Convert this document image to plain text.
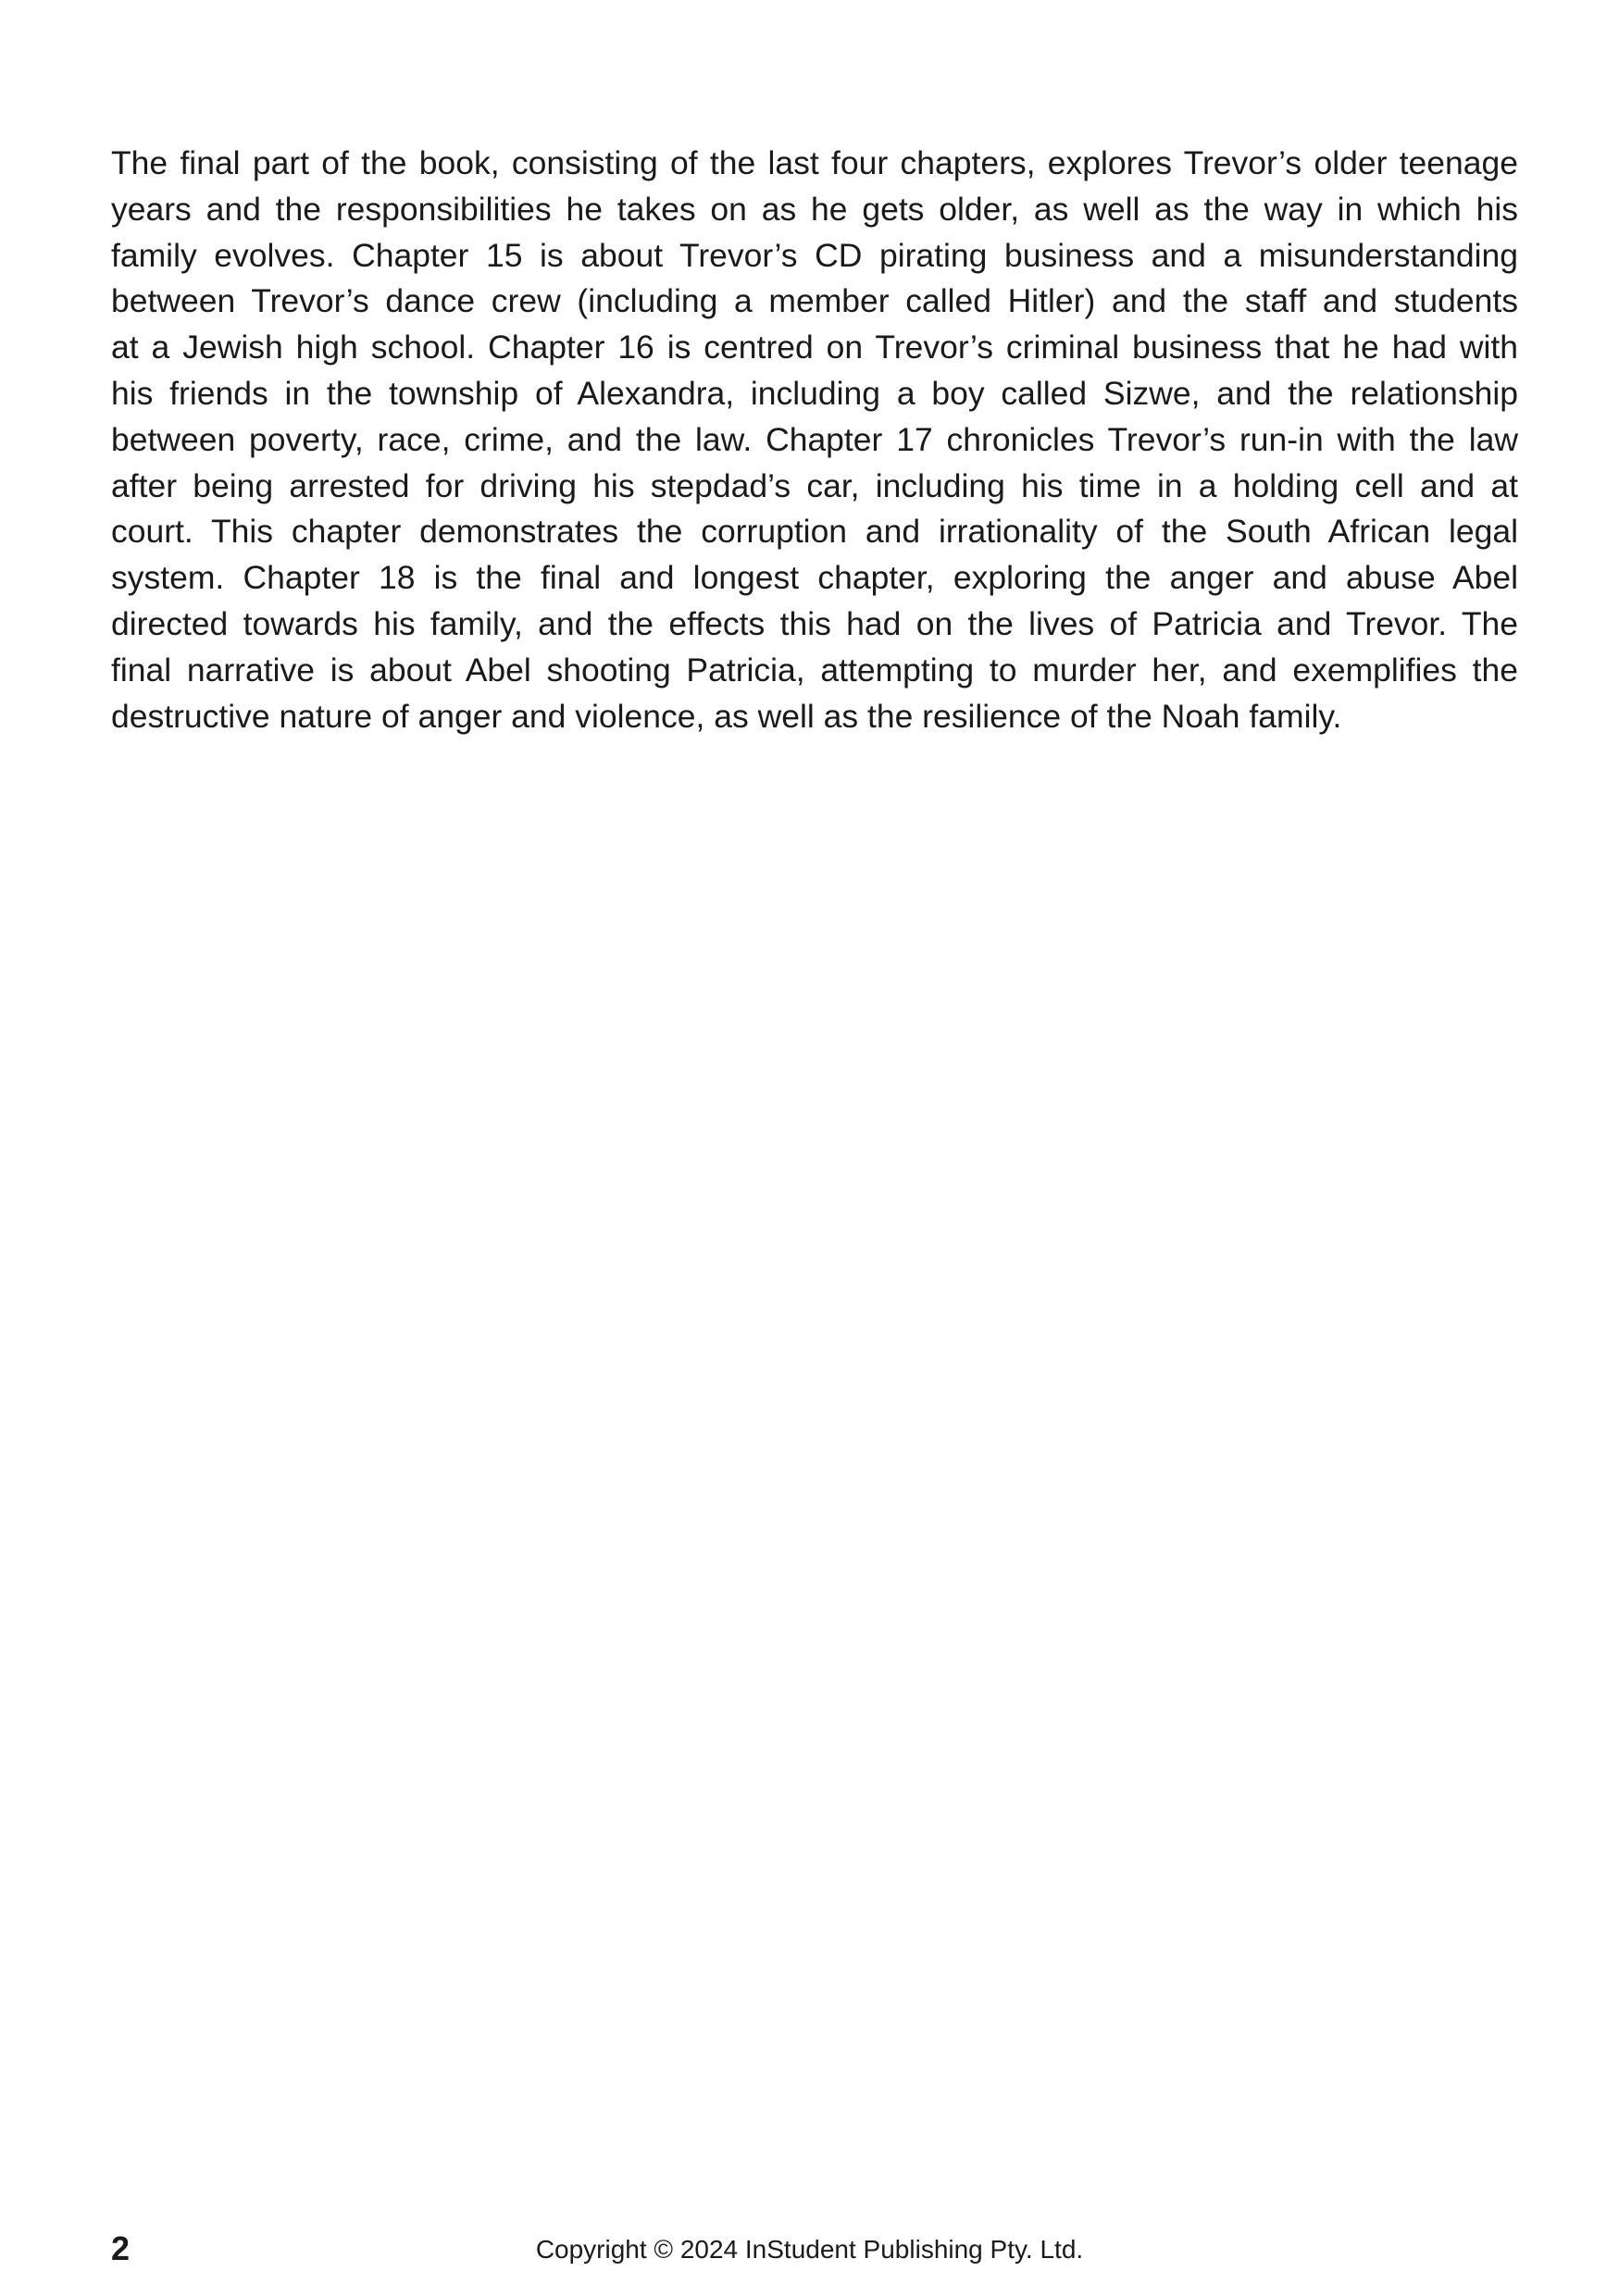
The final part of the book, consisting of the last four chapters, explores Trevor’s older teenage
years and the responsibilities he takes on as he gets older, as well as the way in which his
family evolves. Chapter 15 is about Trevor’s CD pirating business and a misunderstanding
between Trevor’s dance crew (including a member called Hitler) and the staff and students
at a Jewish high school. Chapter 16 is centred on Trevor’s criminal business that he had with
his friends in the township of Alexandra, including a boy called Sizwe, and the relationship
between poverty, race, crime, and the law. Chapter 17 chronicles Trevor’s run-in with the law
after being arrested for driving his stepdad’s car, including his time in a holding cell and at
court. This chapter demonstrates the corruption and irrationality of the South African legal
system. Chapter 18 is the final and longest chapter, exploring the anger and abuse Abel
directed towards his family, and the effects this had on the lives of Patricia and Trevor. The
final narrative is about Abel shooting Patricia, attempting to murder her, and exemplifies the
destructive nature of anger and violence, as well as the resilience of the Noah family.

2	Copyright © 2024 InStudent Publishing Pty. Ltd.
